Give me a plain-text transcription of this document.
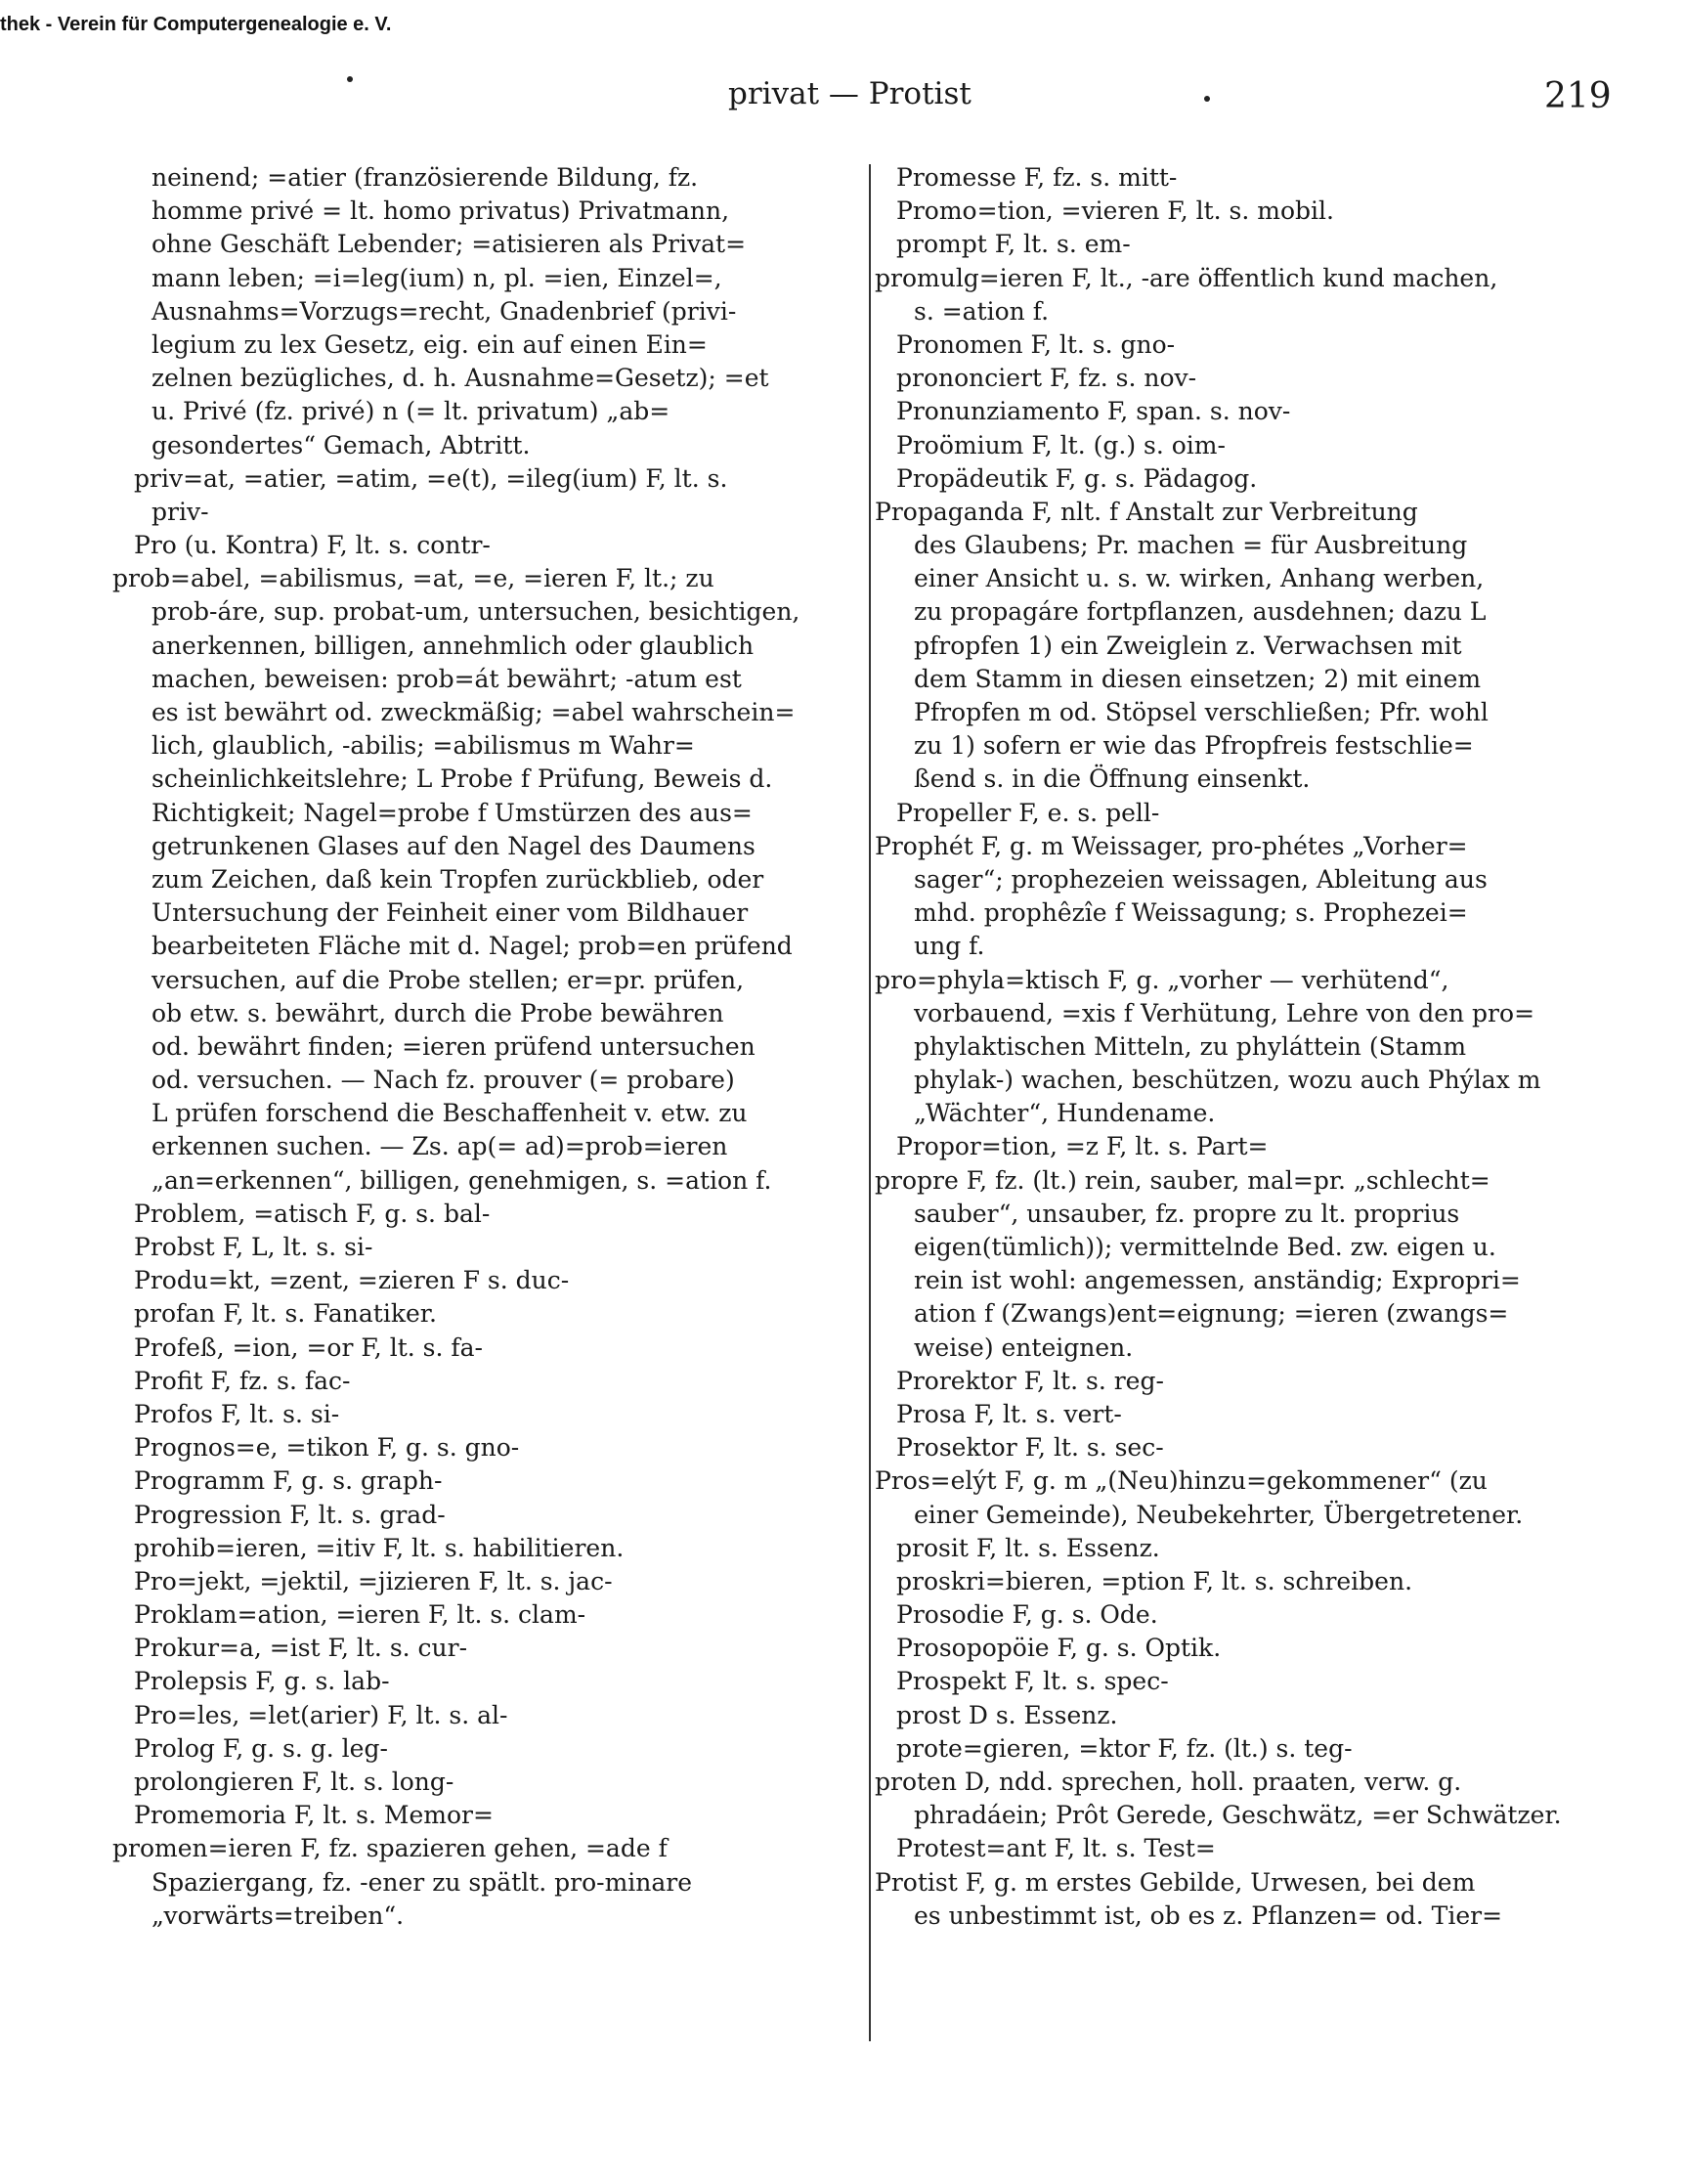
thek - Verein für Computergenealogie e. V.
privat — Protist	219
neinend; =atier (französierende Bildung, fz.
homme privé = lt. homo privatus) Privatmann,
ohne Geschäft Lebender; =atisieren als Privat=
mann leben; =i=leg(ium) n, pl. =ien, Einzel=,
Ausnahms=Vorzugs=recht, Gnadenbrief (privi-
legium zu lex Gesetz, eig. ein auf einen Ein=
zelnen bezügliches, d. h. Ausnahme=Gesetz); =et
u. Privé (fz. privé) n (= lt. privatum) „ab=
gesondertes“ Gemach, Abtritt.
priv=at, =atier, =atim, =e(t), =ileg(ium) F, lt. s.
priv-
Pro (u. Kontra) F, lt. s. contr-
prob=abel, =abilismus, =at, =e, =ieren F, lt.; zu
prob-áre, sup. probat-um, untersuchen, besichtigen,
anerkennen, billigen, annehmlich oder glaublich
machen, beweisen: prob=át bewährt; -atum est
es ist bewährt od. zweckmäßig; =abel wahrschein=
lich, glaublich, -abilis; =abilismus m Wahr=
scheinlichkeitslehre; L Probe f Prüfung, Beweis d.
Richtigkeit; Nagel=probe f Umstürzen des aus=
getrunkenen Glases auf den Nagel des Daumens
zum Zeichen, daß kein Tropfen zurückblieb, oder
Untersuchung der Feinheit einer vom Bildhauer
bearbeiteten Fläche mit d. Nagel; prob=en prüfend
versuchen, auf die Probe stellen; er=pr. prüfen,
ob etw. s. bewährt, durch die Probe bewähren
od. bewährt finden; =ieren prüfend untersuchen
od. versuchen. — Nach fz. prouver (= probare)
L prüfen forschend die Beschaffenheit v. etw. zu
erkennen suchen. — Zs. ap(= ad)=prob=ieren
„an=erkennen“, billigen, genehmigen, s. =ation f.
Problem, =atisch F, g. s. bal-
Probst F, L, lt. s. si-
Produ=kt, =zent, =zieren F s. duc-
profan F, lt. s. Fanatiker.
Profeß, =ion, =or F, lt. s. fa-
Profit F, fz. s. fac-
Profos F, lt. s. si-
Prognos=e, =tikon F, g. s. gno-
Programm F, g. s. graph-
Progression F, lt. s. grad-
prohib=ieren, =itiv F, lt. s. habilitieren.
Pro=jekt, =jektil, =jizieren F, lt. s. jac-
Proklam=ation, =ieren F, lt. s. clam-
Prokur=a, =ist F, lt. s. cur-
Prolepsis F, g. s. lab-
Pro=les, =let(arier) F, lt. s. al-
Prolog F, g. s. g. leg-
prolongieren F, lt. s. long-
Promemoria F, lt. s. Memor=
promen=ieren F, fz. spazieren gehen, =ade f
Spaziergang, fz. -ener zu spätlt. pro-minare
„vorwärts=treiben“.
Promesse F, fz. s. mitt-
Promo=tion, =vieren F, lt. s. mobil.
prompt F, lt. s. em-
promulg=ieren F, lt., -are öffentlich kund machen,
s. =ation f.
Pronomen F, lt. s. gno-
prononciert F, fz. s. nov-
Pronunziamento F, span. s. nov-
Proömium F, lt. (g.) s. oim-
Propädeutik F, g. s. Pädagog.
Propaganda F, nlt. f Anstalt zur Verbreitung
des Glaubens; Pr. machen = für Ausbreitung
einer Ansicht u. s. w. wirken, Anhang werben,
zu propagáre fortpflanzen, ausdehnen; dazu L
pfropfen 1) ein Zweiglein z. Verwachsen mit
dem Stamm in diesen einsetzen; 2) mit einem
Pfropfen m od. Stöpsel verschließen; Pfr. wohl
zu 1) sofern er wie das Pfropfreis festschlie=
ßend s. in die Öffnung einsenkt.
Propeller F, e. s. pell-
Prophét F, g. m Weissager, pro-phétes „Vorher=
sager“; prophezeien weissagen, Ableitung aus
mhd. prophêzîe f Weissagung; s. Prophezei=
ung f.
pro=phyla=ktisch F, g. „vorher — verhütend“,
vorbauend, =xis f Verhütung, Lehre von den pro=
phylaktischen Mitteln, zu phyláttein (Stamm
phylak-) wachen, beschützen, wozu auch Phýlax m
„Wächter“, Hundename.
Propor=tion, =z F, lt. s. Part=
propre F, fz. (lt.) rein, sauber, mal=pr. „schlecht=
sauber“, unsauber, fz. propre zu lt. proprius
eigen(tümlich)); vermittelnde Bed. zw. eigen u.
rein ist wohl: angemessen, anständig; Expropri=
ation f (Zwangs)ent=eignung; =ieren (zwangs=
weise) enteignen.
Prorektor F, lt. s. reg-
Prosa F, lt. s. vert-
Prosektor F, lt. s. sec-
Pros=elýt F, g. m „(Neu)hinzu=gekommener“ (zu
einer Gemeinde), Neubekehrter, Übergetretener.
prosit F, lt. s. Essenz.
proskri=bieren, =ption F, lt. s. schreiben.
Prosodie F, g. s. Ode.
Prosopopöie F, g. s. Optik.
Prospekt F, lt. s. spec-
prost D s. Essenz.
prote=gieren, =ktor F, fz. (lt.) s. teg-
proten D, ndd. sprechen, holl. praaten, verw. g.
phradáein; Prôt Gerede, Geschwätz, =er Schwätzer.
Protest=ant F, lt. s. Test=
Protist F, g. m erstes Gebilde, Urwesen, bei dem
es unbestimmt ist, ob es z. Pflanzen= od. Tier=
